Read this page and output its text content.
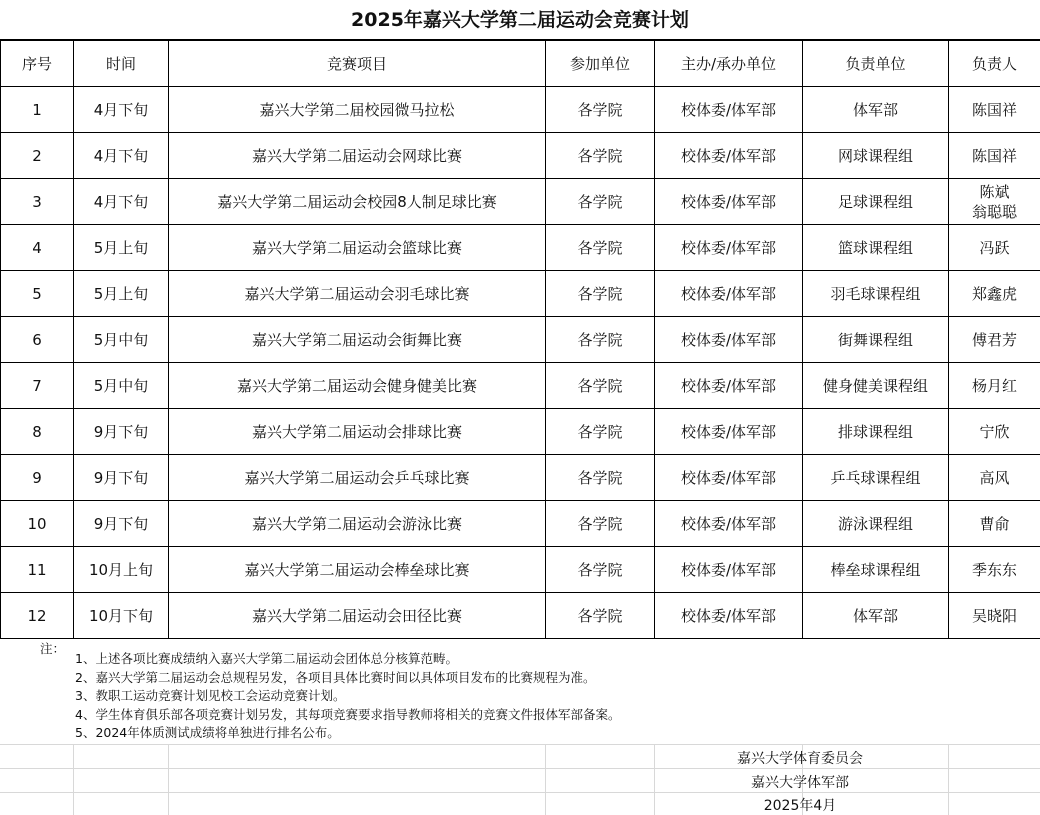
2025年嘉兴大学第二届运动会竞赛计划
序号	时间	竞赛项目	参加单位	主办/承办单位	负责单位	负责人
1	4月下旬	嘉兴大学第二届校园微马拉松	各学院	校体委/体军部	体军部	陈国祥

2	4月下旬	嘉兴大学第二届运动会网球比赛	各学院	校体委/体军部	网球课程组	陈国祥

3	4月下旬	嘉兴大学第二届运动会校园8人制足球比赛	各学院	校体委/体军部	足球课程组	陈斌
翁聪聪

4	5月上旬	嘉兴大学第二届运动会篮球比赛	各学院	校体委/体军部	篮球课程组	冯跃

5	5月上旬	嘉兴大学第二届运动会羽毛球比赛	各学院	校体委/体军部	羽毛球课程组	郑鑫虎

6	5月中旬	嘉兴大学第二届运动会街舞比赛	各学院	校体委/体军部	街舞课程组	傅君芳

7	5月中旬	嘉兴大学第二届运动会健身健美比赛	各学院	校体委/体军部	健身健美课程组	杨月红

8	9月下旬	嘉兴大学第二届运动会排球比赛	各学院	校体委/体军部	排球课程组	宁欣

9	9月下旬	嘉兴大学第二届运动会乒乓球比赛	各学院	校体委/体军部	乒乓球课程组	高风

10	9月下旬	嘉兴大学第二届运动会游泳比赛	各学院	校体委/体军部	游泳课程组	曹俞

11	10月上旬	嘉兴大学第二届运动会棒垒球比赛	各学院	校体委/体军部	棒垒球课程组	季东东

12	10月下旬	嘉兴大学第二届运动会田径比赛	各学院	校体委/体军部	体军部	吴晓阳
注：
1、上述各项比赛成绩纳入嘉兴大学第二届运动会团体总分核算范畴。
2、嘉兴大学第二届运动会总规程另发，各项目具体比赛时间以具体项目发布的比赛规程为准。
3、教职工运动竞赛计划见校工会运动竞赛计划。
4、学生体育俱乐部各项竞赛计划另发，其每项竞赛要求指导教师将相关的竞赛文件报体军部备案。
5、2024年体质测试成绩将单独进行排名公布。
嘉兴大学体育委员会
嘉兴大学体军部
2025年4月
